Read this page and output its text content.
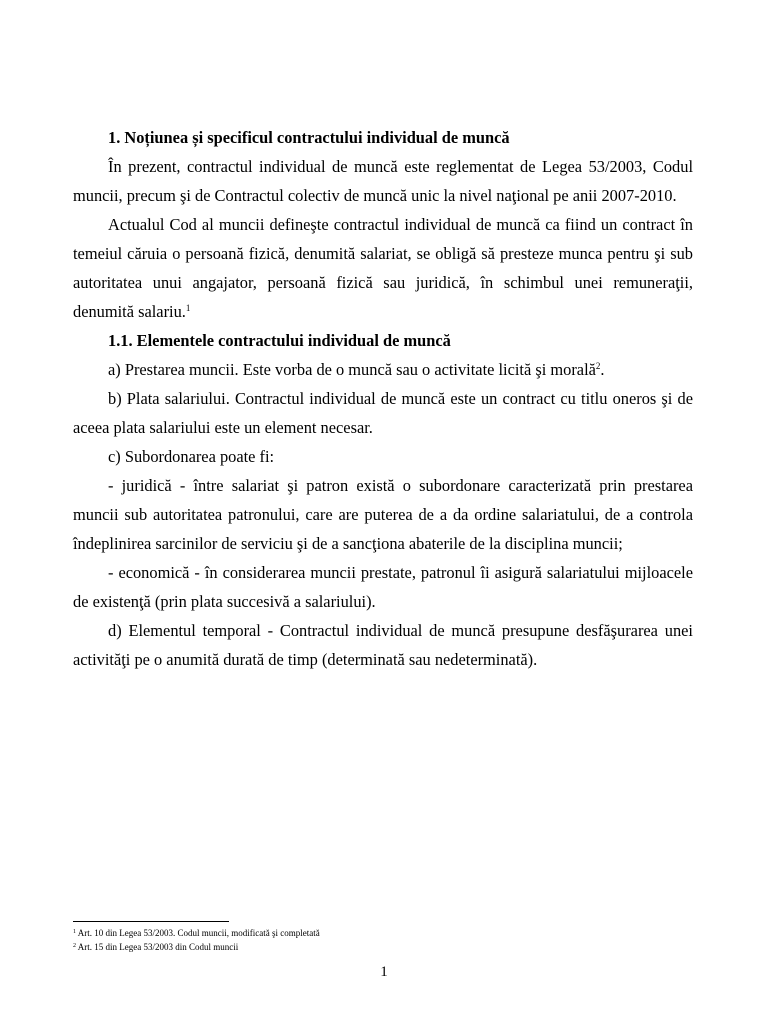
1. Noțiunea și specificul contractului individual de muncă

În prezent, contractul individual de muncă este reglementat de Legea 53/2003, Codul muncii, precum şi de Contractul colectiv de muncă unic la nivel naţional pe anii 2007-2010.

Actualul Cod al muncii defineşte contractul individual de muncă ca fiind un contract în temeiul căruia o persoană fizică, denumită salariat, se obligă să presteze munca pentru şi sub autoritatea unui angajator, persoană fizică sau juridică, în schimbul unei remuneraţii, denumită salariu.$^1$

1.1. Elementele contractului individual de muncă

a) Prestarea muncii. Este vorba de o muncă sau o activitate licită şi morală$^2$.

b) Plata salariului. Contractul individual de muncă este un contract cu titlu oneros şi de aceea plata salariului este un element necesar.

c) Subordonarea poate fi:

- juridică - între salariat şi patron există o subordonare caracterizată prin prestarea muncii sub autoritatea patronului, care are puterea de a da ordine salariatului, de a controla îndeplinirea sarcinilor de serviciu şi de a sancţiona abaterile de la disciplina muncii;

- economică - în considerarea muncii prestate, patronul îi asigură salariatului mijloacele de existenţă (prin plata succesivă a salariului).

d) Elementul temporal - Contractul individual de muncă presupune desfăşurarea unei activităţi pe o anumită durată de timp (determinată sau nedeterminată).

$^1$ Art. 10 din Legea 53/2003. Codul muncii, modificată şi completată
$^2$ Art. 15 din Legea 53/2003 din Codul muncii
1
